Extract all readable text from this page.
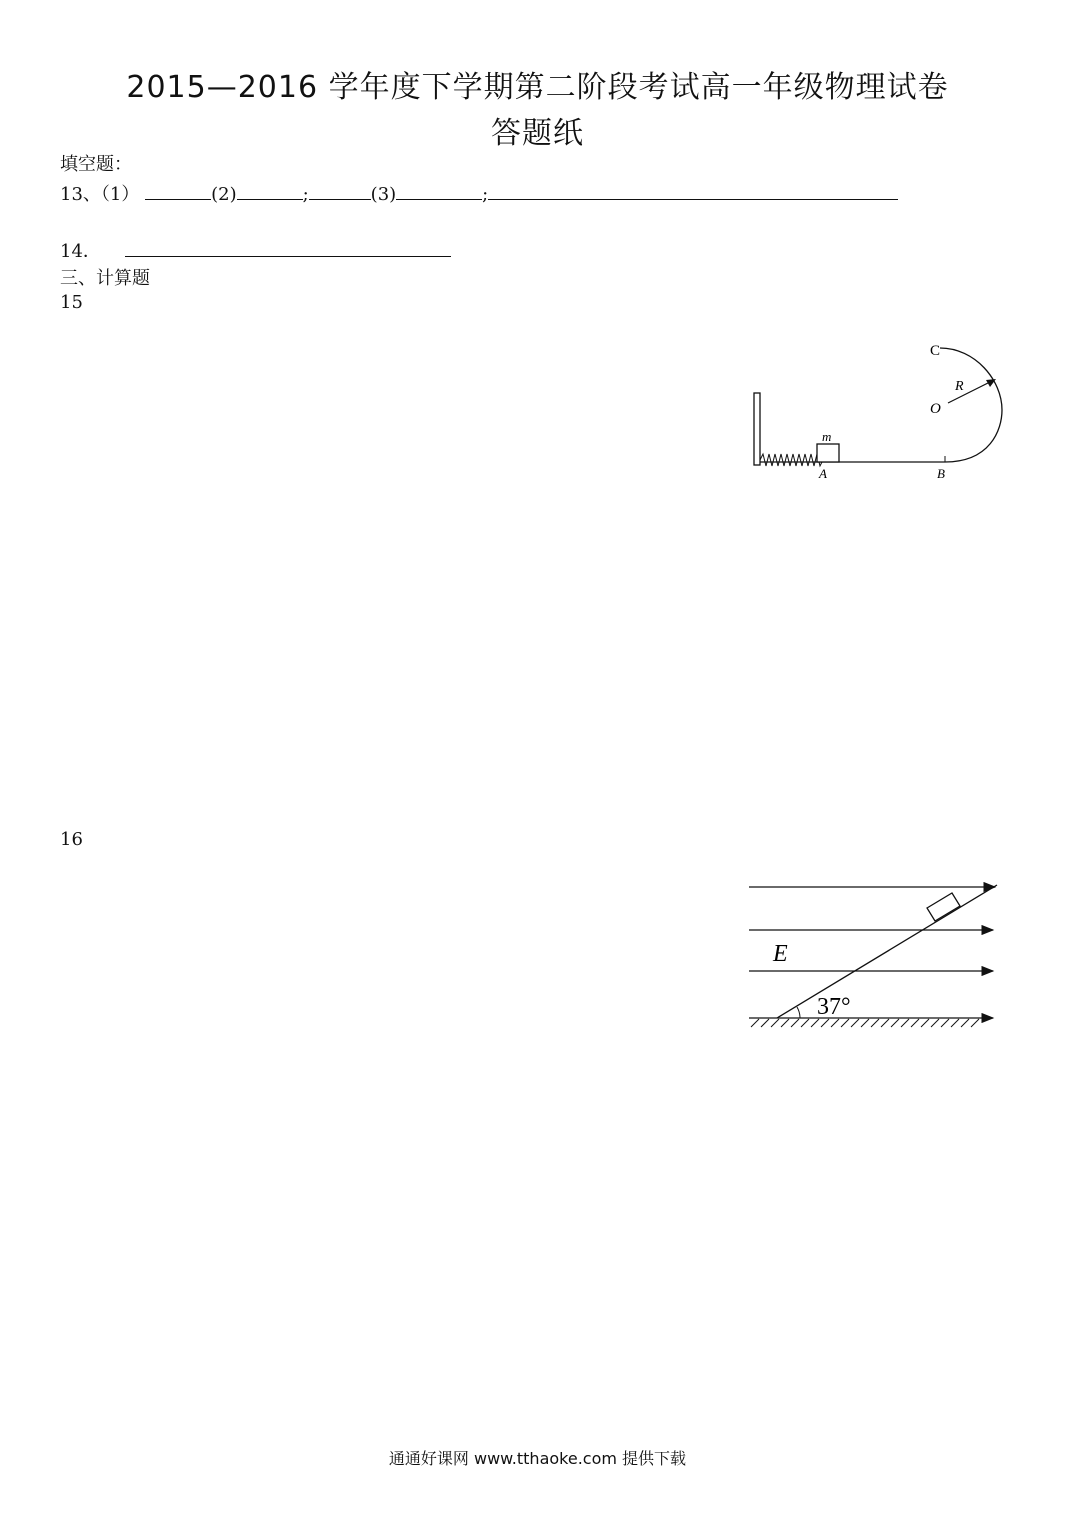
2015—2016 学年度下学期第二阶段考试高一年级物理试卷
答题纸
填空题：
13、（1）	(2)	;	(3)	;
14．
三、计算题
15
C
O
R
m
A	B
16
E
37°
通通好课网 www.tthaoke.com 提供下载
